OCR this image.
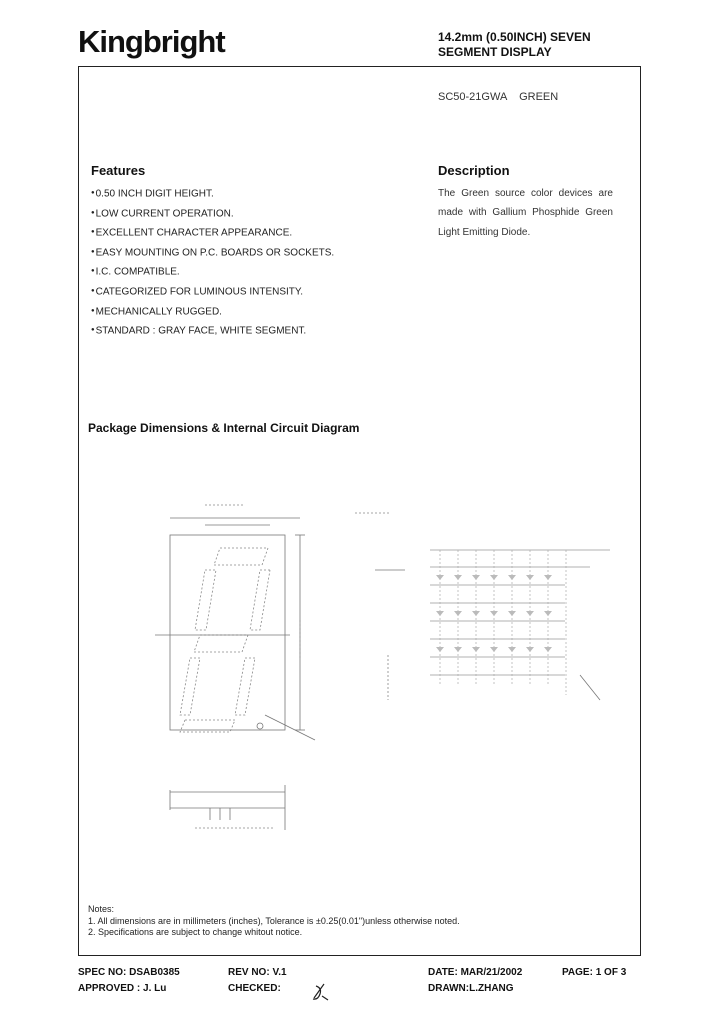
Kingbright	14.2mm (0.50INCH) SEVEN
SEGMENT DISPLAY
SC50-21GWA GREEN
Features
● 0.50 INCH DIGIT HEIGHT.
● LOW CURRENT OPERATION.
● EXCELLENT CHARACTER APPEARANCE.
● EASY MOUNTING ON P.C. BOARDS OR SOCKETS.
● I.C. COMPATIBLE.
● CATEGORIZED FOR LUMINOUS INTENSITY.
● MECHANICALLY RUGGED.
● STANDARD : GRAY FACE, WHITE SEGMENT.
Description
The Green source color devices are made with Gallium Phosphide Green Light Emitting Diode.
Package Dimensions & Internal Circuit Diagram
Notes:
1. All dimensions are in millimeters (inches), Tolerance is ±0.25(0.01")unless otherwise noted.
2. Specifications are subject to change whitout notice.
SPEC NO: DSAB0385	REV NO: V.1	DATE: MAR/21/2002	PAGE: 1 OF 3
APPROVED : J. Lu	CHECKED:	DRAWN:L.ZHANG
